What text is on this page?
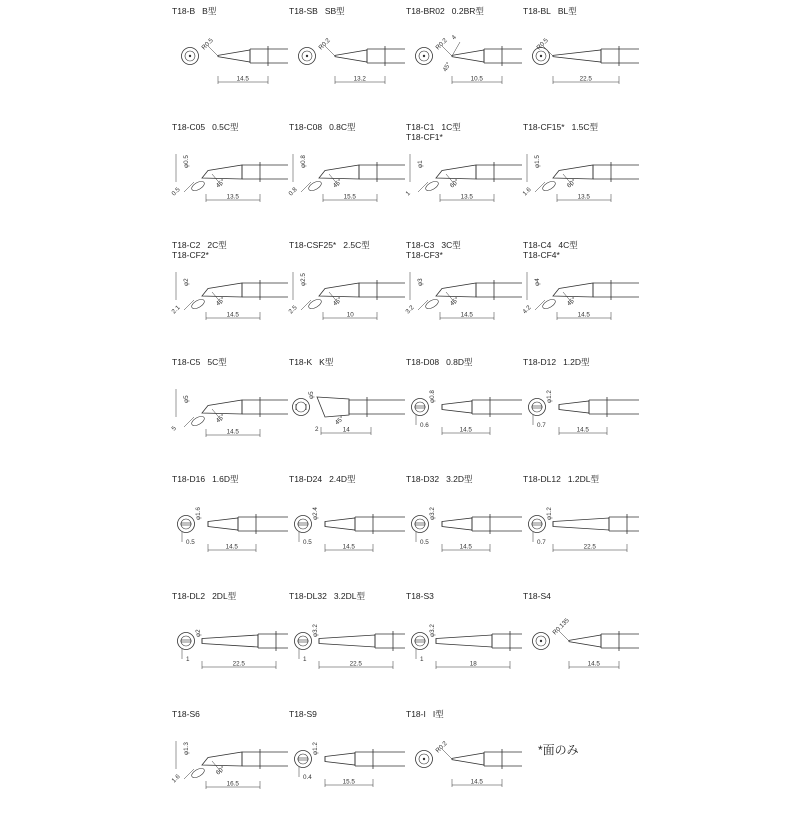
T18-B B型
14.5
R0.5
T18-SB SB型
13.2
R0.2
T18-BR02 0.2BR型
10.5
R0.2 4
45°
T18-BL BL型
22.5
R0.5
T18-C05 0.5C型
φ0.5
0.5
45°
13.5
T18-C08 0.8C型
φ0.8
0.8
45°
15.5
T18-C1 1C型
T18-CF1*
φ1
1
60°
13.5
T18-CF15* 1.5C型
φ1.5
1.6
60°
13.5
T18-C2 2C型
T18-CF2*
φ2
2.1
45°
14.5
T18-CSF25* 2.5C型
φ2.5
2.5
45°
10
T18-C3 3C型
T18-CF3*
φ3
3.2
45°
14.5
T18-C4 4C型
T18-CF4*
φ4
4.2
45°
14.5
T18-C5 5C型
φ5
5
45°
14.5
T18-K K型
φ5
2
45°
14
T18-D08 0.8D型
φ0.8
0.6
14.5
T18-D12 1.2D型
φ1.2
0.7
14.5
T18-D16 1.6D型
φ1.6
0.5
14.5
T18-D24 2.4D型
φ2.4
0.5
14.5
T18-D32 3.2D型
φ3.2
0.5
14.5
T18-DL12 1.2DL型
φ1.2
0.7
22.5
T18-DL2 2DL型
φ2
1
22.5
T18-DL32 3.2DL型
φ3.2
1
22.5
T18-S3
φ3.2
1
18
T18-S4
14.5
R0.135
T18-S6
φ1.3
1.6
60°
16.5
T18-S9
φ1.2
0.4
15.5
T18-I I型
14.5
R0.2	*面のみ
